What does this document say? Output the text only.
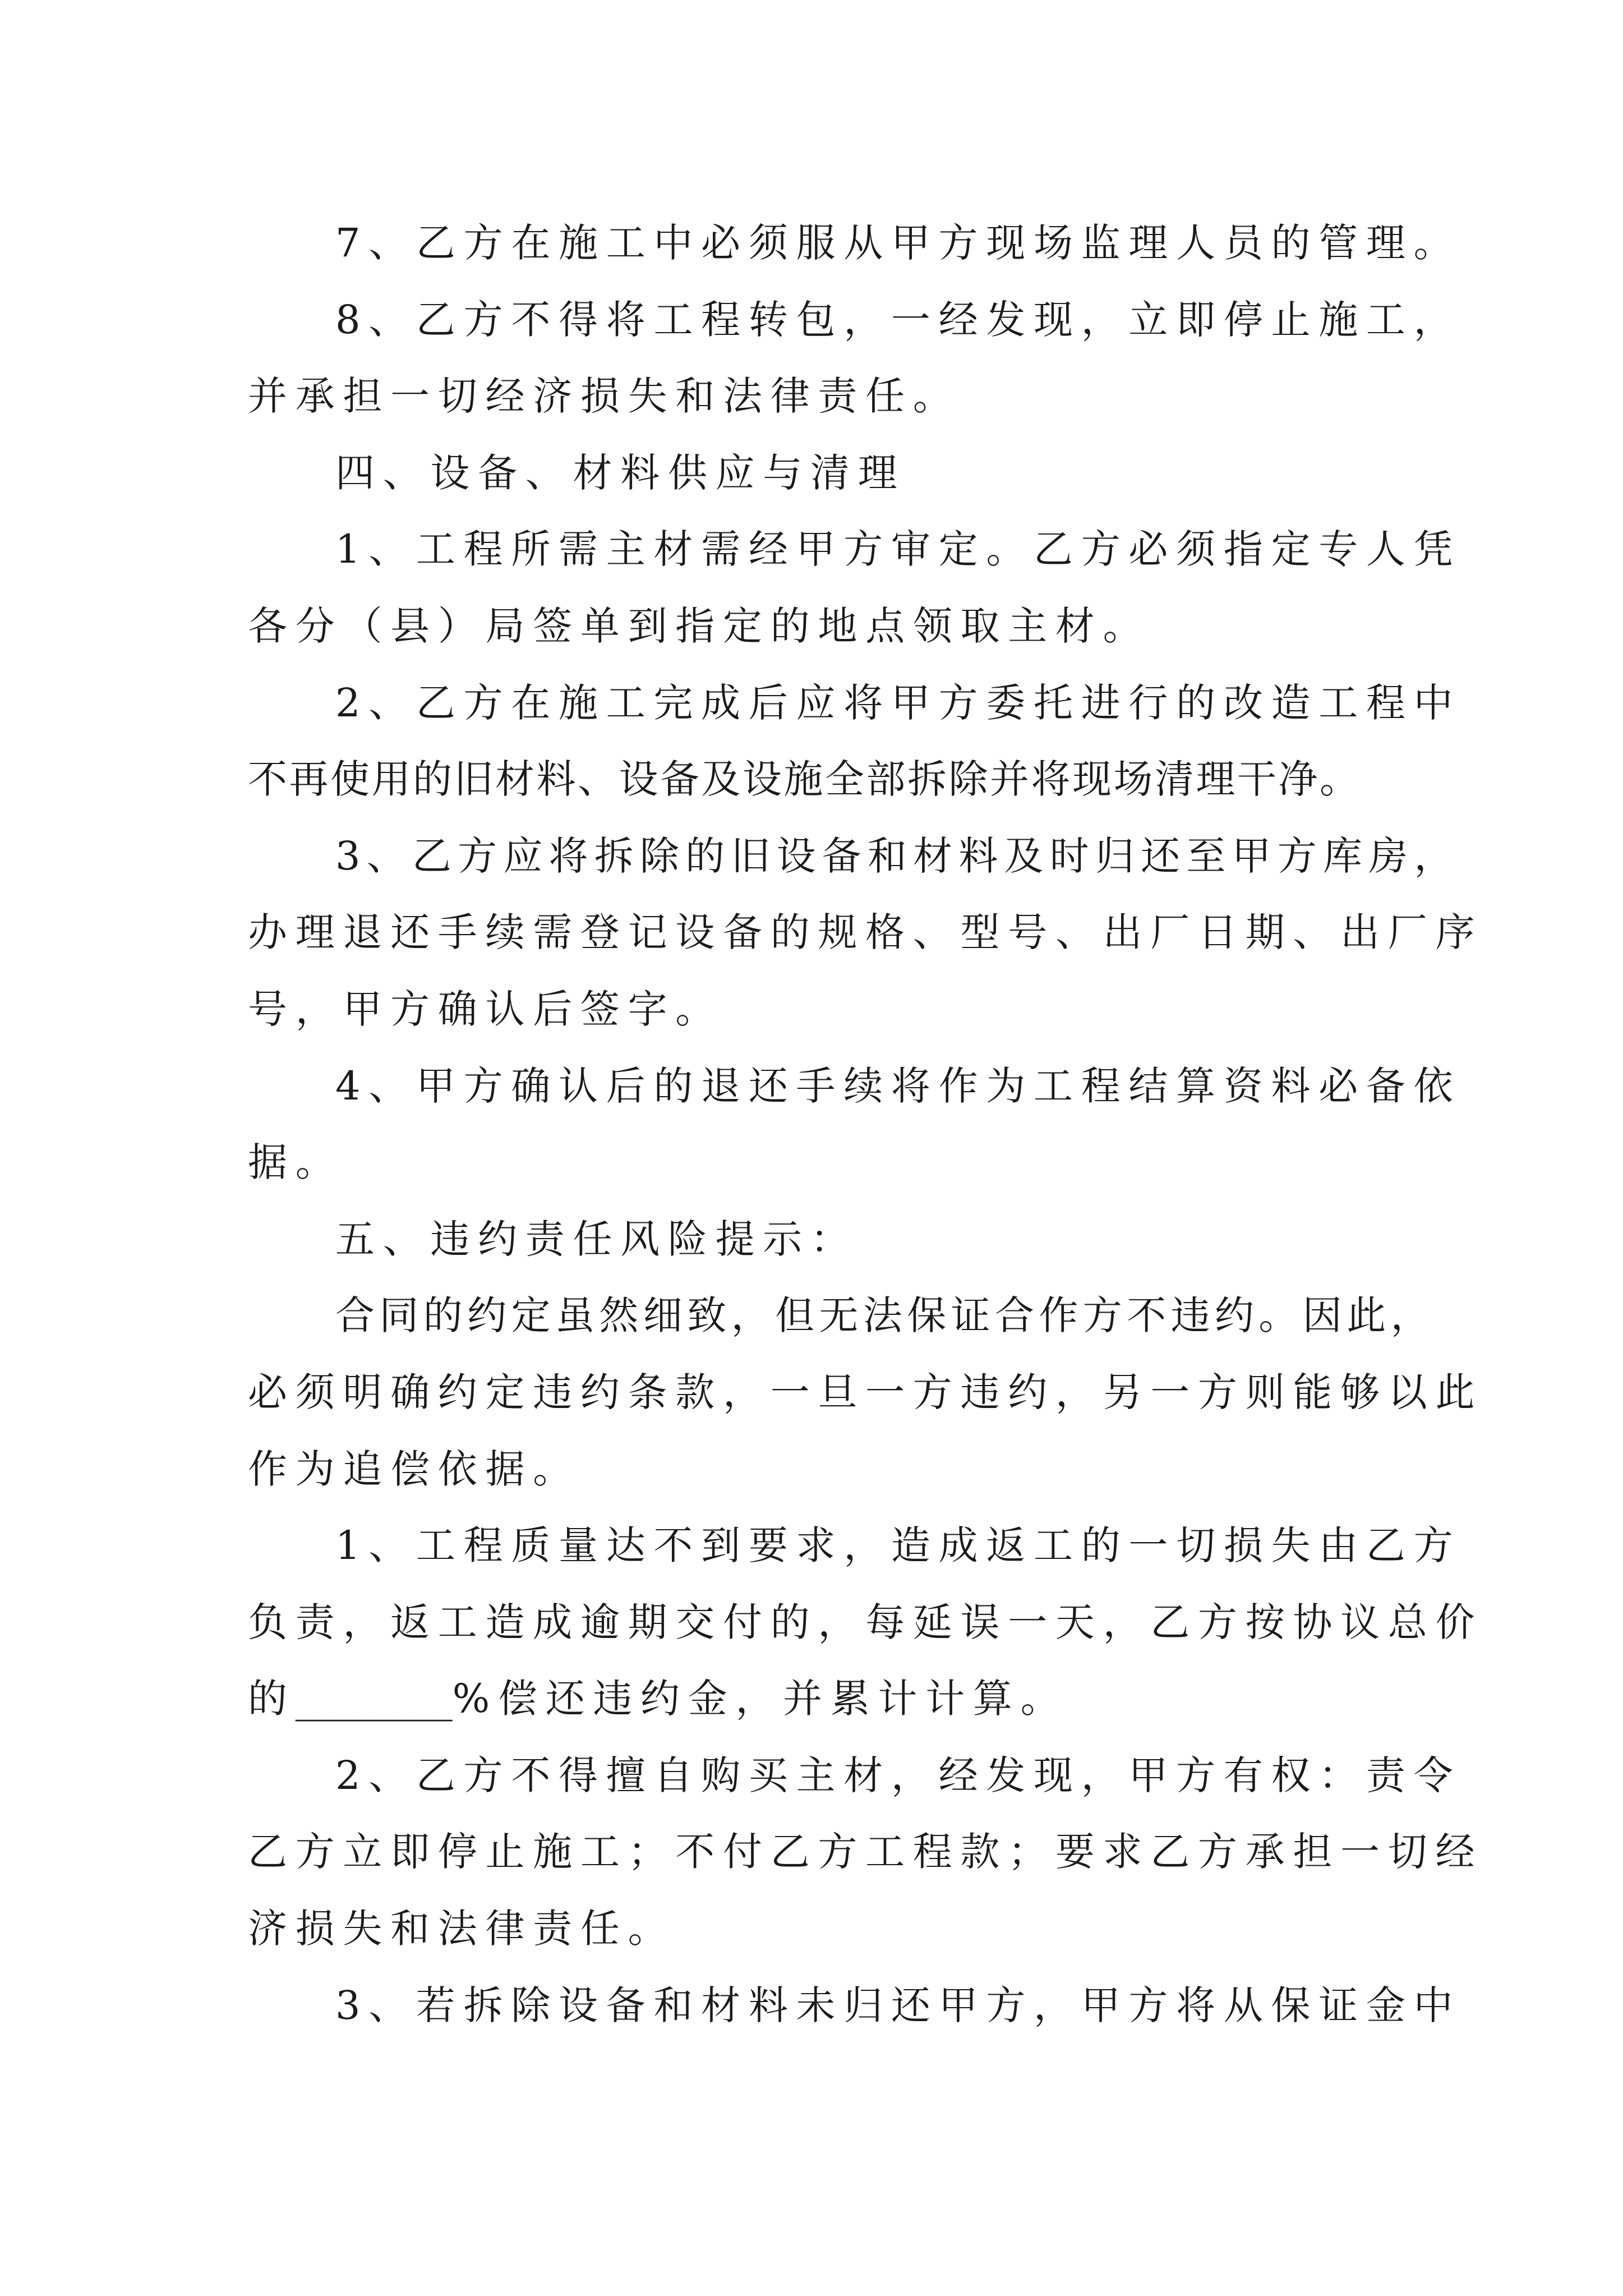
7、乙方在施工中必须服从甲方现场监理人员的管理。
8、乙方不得将工程转包，一经发现，立即停止施工，
并承担一切经济损失和法律责任。
四、设备、材料供应与清理
1、工程所需主材需经甲方审定。乙方必须指定专人凭
各分（县）局签单到指定的地点领取主材。
2、乙方在施工完成后应将甲方委托进行的改造工程中
不再使用的旧材料、设备及设施全部拆除并将现场清理干净。
3、乙方应将拆除的旧设备和材料及时归还至甲方库房，
办理退还手续需登记设备的规格、型号、出厂日期、出厂序
号，甲方确认后签字。
4、甲方确认后的退还手续将作为工程结算资料必备依
据。
五、违约责任风险提示：
合同的约定虽然细致，但无法保证合作方不违约。因此，
必须明确约定违约条款，一旦一方违约，另一方则能够以此
作为追偿依据。
1、工程质量达不到要求，造成返工的一切损失由乙方
负责，返工造成逾期交付的，每延误一天，乙方按协议总价
的________%偿还违约金，并累计计算。
2、乙方不得擅自购买主材，经发现，甲方有权：责令
乙方立即停止施工；不付乙方工程款；要求乙方承担一切经
济损失和法律责任。
3、若拆除设备和材料未归还甲方，甲方将从保证金中
